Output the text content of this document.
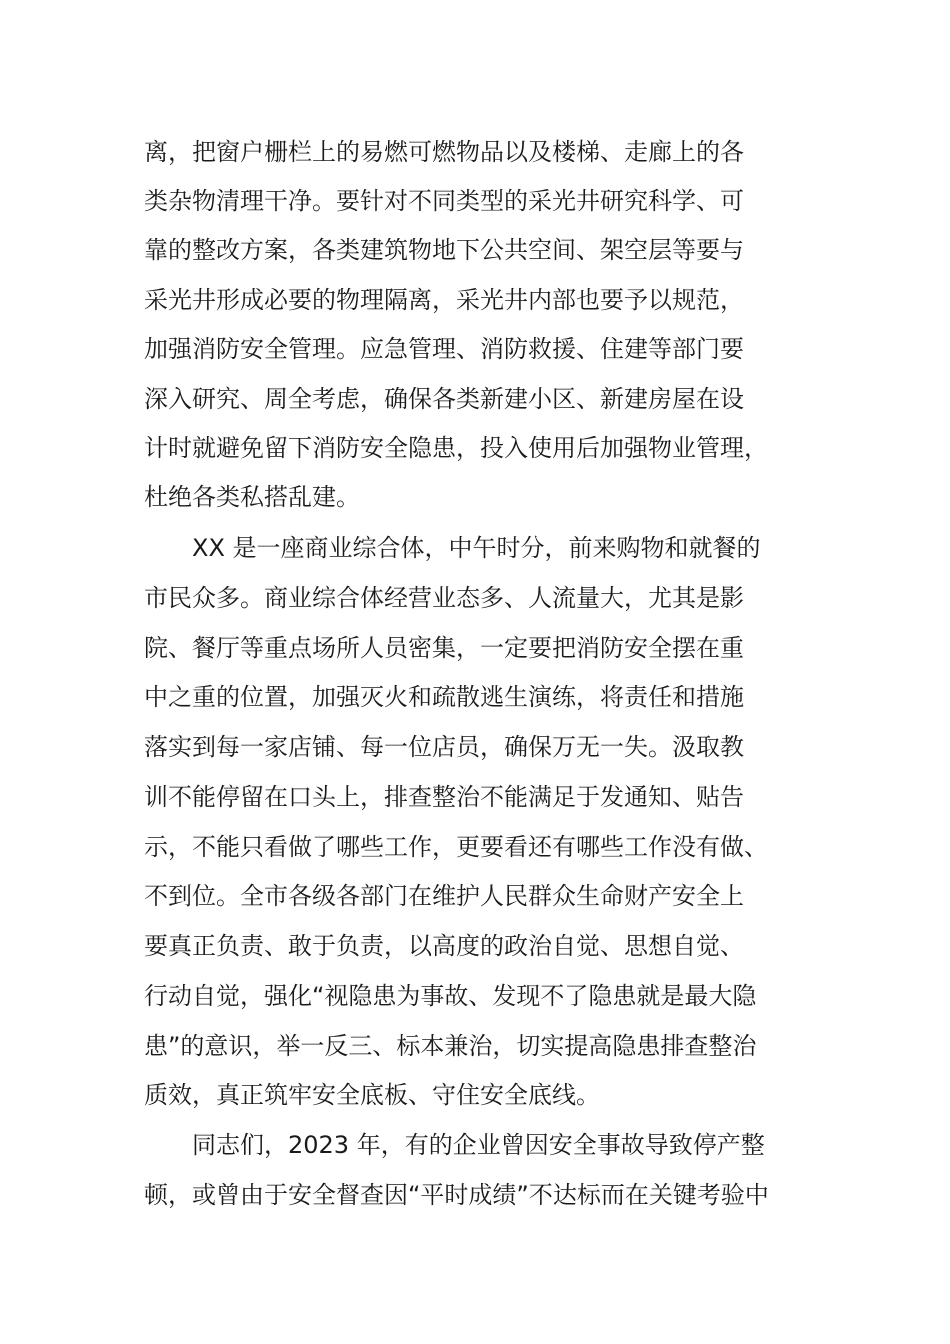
离，把窗户栅栏上的易燃可燃物品以及楼梯、走廊上的各
类杂物清理干净。要针对不同类型的采光井研究科学、可
靠的整改方案，各类建筑物地下公共空间、架空层等要与
采光井形成必要的物理隔离，采光井内部也要予以规范，
加强消防安全管理。应急管理、消防救援、住建等部门要
深入研究、周全考虑，确保各类新建小区、新建房屋在设
计时就避免留下消防安全隐患，投入使用后加强物业管理，
杜绝各类私搭乱建。
XX 是一座商业综合体，中午时分，前来购物和就餐的
市民众多。商业综合体经营业态多、人流量大，尤其是影
院、餐厅等重点场所人员密集，一定要把消防安全摆在重
中之重的位置，加强灭火和疏散逃生演练，将责任和措施
落实到每一家店铺、每一位店员，确保万无一失。汲取教
训不能停留在口头上，排查整治不能满足于发通知、贴告
示，不能只看做了哪些工作，更要看还有哪些工作没有做、
不到位。全市各级各部门在维护人民群众生命财产安全上
要真正负责、敢于负责，以高度的政治自觉、思想自觉、
行动自觉，强化“视隐患为事故、发现不了隐患就是最大隐
患”的意识，举一反三、标本兼治，切实提高隐患排查整治
质效，真正筑牢安全底板、守住安全底线。
同志们，2023 年，有的企业曾因安全事故导致停产整
顿，或曾由于安全督查因“平时成绩”不达标而在关键考验中
